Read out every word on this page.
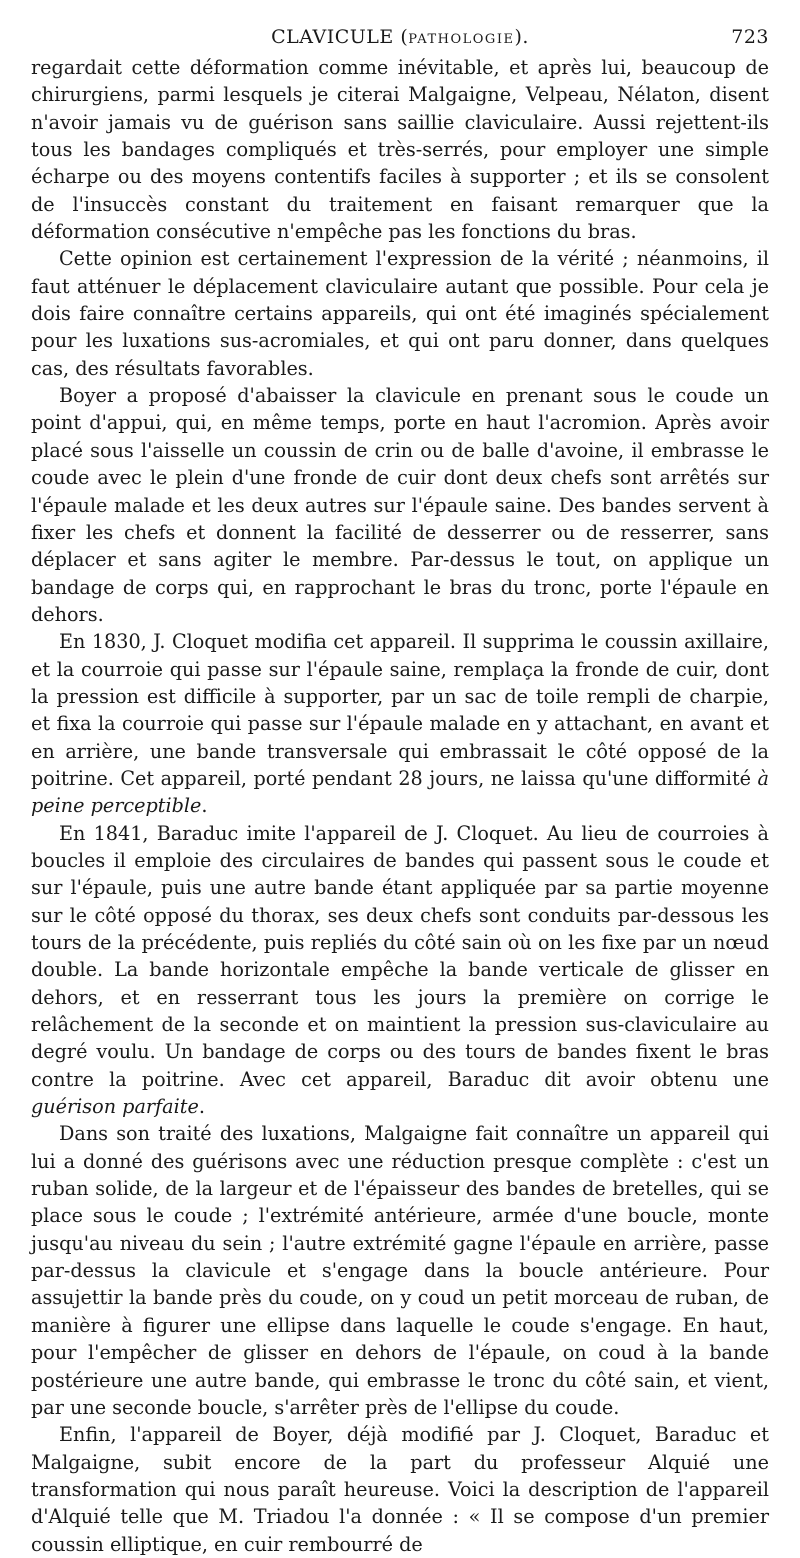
CLAVICULE (PATHOLOGIE).	723

regardait cette déformation comme inévitable, et après lui, beaucoup de chirurgiens, parmi lesquels je citerai Malgaigne, Velpeau, Nélaton, disent n'avoir jamais vu de guérison sans saillie claviculaire. Aussi rejettent-ils tous les bandages compliqués et très-serrés, pour employer une simple écharpe ou des moyens contentifs faciles à supporter ; et ils se consolent de l'insuccès constant du traitement en faisant remarquer que la déformation consécutive n'empêche pas les fonctions du bras.

Cette opinion est certainement l'expression de la vérité ; néanmoins, il faut atténuer le déplacement claviculaire autant que possible. Pour cela je dois faire connaître certains appareils, qui ont été imaginés spécialement pour les luxations sus-acromiales, et qui ont paru donner, dans quelques cas, des résultats favorables.

Boyer a proposé d'abaisser la clavicule en prenant sous le coude un point d'appui, qui, en même temps, porte en haut l'acromion. Après avoir placé sous l'aisselle un coussin de crin ou de balle d'avoine, il embrasse le coude avec le plein d'une fronde de cuir dont deux chefs sont arrêtés sur l'épaule malade et les deux autres sur l'épaule saine. Des bandes servent à fixer les chefs et donnent la facilité de desserrer ou de resserrer, sans déplacer et sans agiter le membre. Par-dessus le tout, on applique un bandage de corps qui, en rapprochant le bras du tronc, porte l'épaule en dehors.

En 1830, J. Cloquet modifia cet appareil. Il supprima le coussin axillaire, et la courroie qui passe sur l'épaule saine, remplaça la fronde de cuir, dont la pression est difficile à supporter, par un sac de toile rempli de charpie, et fixa la courroie qui passe sur l'épaule malade en y attachant, en avant et en arrière, une bande transversale qui embrassait le côté opposé de la poitrine. Cet appareil, porté pendant 28 jours, ne laissa qu'une difformité à peine perceptible.

En 1841, Baraduc imite l'appareil de J. Cloquet. Au lieu de courroies à boucles il emploie des circulaires de bandes qui passent sous le coude et sur l'épaule, puis une autre bande étant appliquée par sa partie moyenne sur le côté opposé du thorax, ses deux chefs sont conduits par-dessous les tours de la précédente, puis repliés du côté sain où on les fixe par un nœud double. La bande horizontale empêche la bande verticale de glisser en dehors, et en resserrant tous les jours la première on corrige le relâchement de la seconde et on maintient la pression sus-claviculaire au degré voulu. Un bandage de corps ou des tours de bandes fixent le bras contre la poitrine. Avec cet appareil, Baraduc dit avoir obtenu une guérison parfaite.

Dans son traité des luxations, Malgaigne fait connaître un appareil qui lui a donné des guérisons avec une réduction presque complète : c'est un ruban solide, de la largeur et de l'épaisseur des bandes de bretelles, qui se place sous le coude ; l'extrémité antérieure, armée d'une boucle, monte jusqu'au niveau du sein ; l'autre extrémité gagne l'épaule en arrière, passe par-dessus la clavicule et s'engage dans la boucle antérieure. Pour assujettir la bande près du coude, on y coud un petit morceau de ruban, de manière à figurer une ellipse dans laquelle le coude s'engage. En haut, pour l'empêcher de glisser en dehors de l'épaule, on coud à la bande postérieure une autre bande, qui embrasse le tronc du côté sain, et vient, par une seconde boucle, s'arrêter près de l'ellipse du coude.

Enfin, l'appareil de Boyer, déjà modifié par J. Cloquet, Baraduc et Malgaigne, subit encore de la part du professeur Alquié une transformation qui nous paraît heureuse. Voici la description de l'appareil d'Alquié telle que M. Triadou l'a donnée : « Il se compose d'un premier coussin elliptique, en cuir rembourré de
